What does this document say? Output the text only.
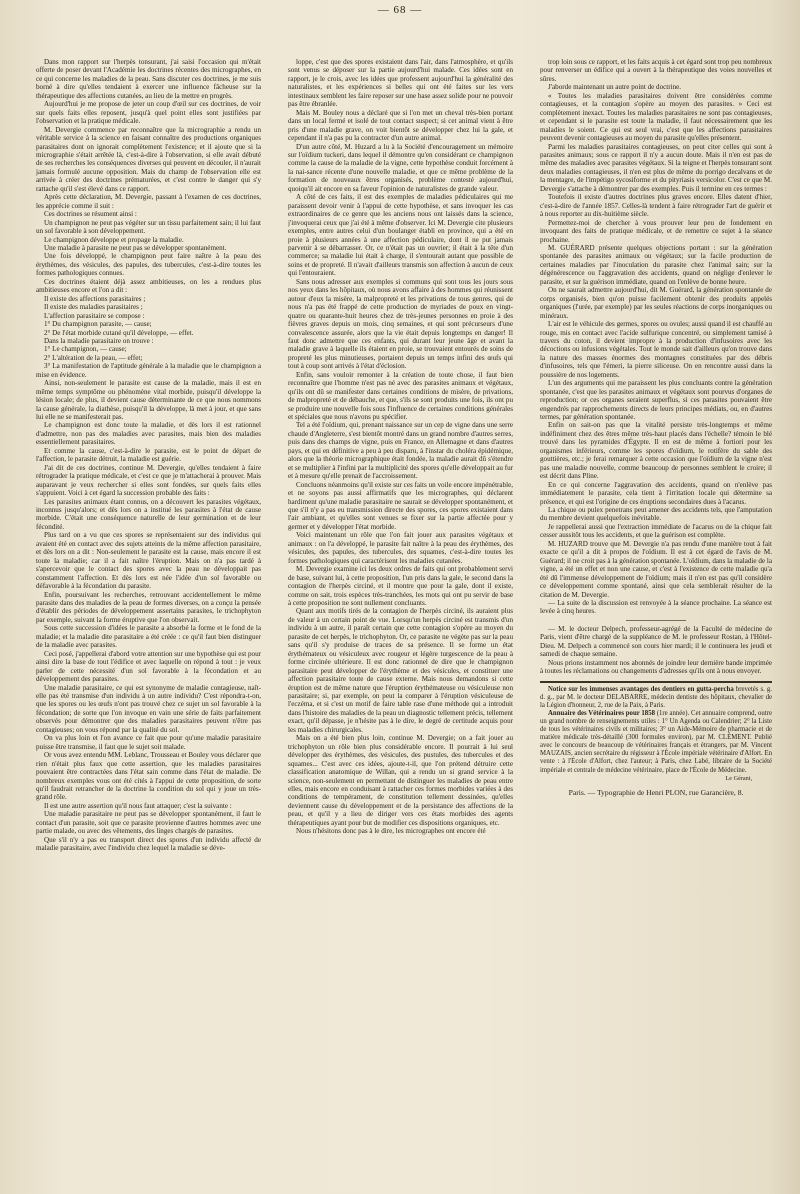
— 68 —

Dans mon rapport sur l'herpès tonsurant, j'ai saisi l'occasion qui m'était offerte de poser devant l'Académie les doctrines récentes des micrographes, en ce qui concerne les maladies de la peau. Sans discuter ces doctrines, je me suis borné à dire qu'elles tendaient à exercer une influence fâcheuse sur la thérapeutique des affections cutanées, au lieu de la mettre en progrès.

Aujourd'hui je me propose de jeter un coup d'œil sur ces doctrines, de voir sur quels faits elles reposent, jusqu'à quel point elles sont justifiées par l'observation et la pratique médicale.

M. Devergie commence par reconnaître que la micrographie a rendu un véritable service à la science en faisant connaître des productions organiques parasitaires dont on ignorait complètement l'existence; et il ajoute que si la micrographie s'était arrêtée là, c'est-à-dire à l'observation, si elle avait débuté de ses recherches les conséquences diverses qui peuvent en découler, il n'aurait jamais formulé aucune opposition. Mais du champ de l'observation elle est arrivée à créer des doctrines prématurées, et c'est contre le danger qui s'y rattache qu'il s'est élevé dans ce rapport.

Après cette déclaration, M. Devergie, passant à l'examen de ces doctrines, les apprécie comme il suit :

Ces doctrines se résument ainsi :

Un champignon ne peut pas végéter sur un tissu parfaitement sain; il lui faut un sol favorable à son développement.

Le champignon développe et propage la maladie.

Une maladie à parasite ne peut pas se développer spontanément.

Une fois développé, le champignon peut faire naître à la peau des érythèmes, des vésicules, des papules, des tubercules, c'est-à-dire toutes les formes pathologiques connues.

Ces doctrines étaient déjà assez ambitieuses, on les a rendues plus ambitieuses encore et l'on a dit :

Il existe des affections parasitaires ;

Il existe des maladies parasitaires ;

L'affection parasitaire se compose :

1° Du champignon parasite, — cause;

2° De l'état morbide cutané qu'il développe, — effet.

Dans la maladie parasitaire on trouve :

1° Le champignon, — cause;

2° L'altération de la peau, — effet;

3° La manifestation de l'aptitude générale à la maladie que le champignon a mise en évidence.

Ainsi, non-seulement le parasite est cause de la maladie, mais il est en même temps symptôme ou phénomène vital morbide, puisqu'il développe la lésion locale; de plus, il devient cause déterminante de ce que nous nommons la cause générale, la diathèse, puisqu'il la développe, là met à jour, et que sans lui elle ne se manifesterait pas.

Le champignon est donc toute la maladie, et dès lors il est rationnel d'admettre, non pas des maladies avec parasites, mais bien des maladies essentiellement parasitaires.

Et comme la cause, c'est-à-dire le parasite, est le point de départ de l'affection, le parasite détruit, la maladie est guérie.

J'ai dit de ces doctrines, continue M. Devergie, qu'elles tendaient à faire rétrograder la pratique médicale, et c'est ce que je m'attacherai à prouver. Mais auparavant je veux rechercher si elles sont fondées, sur quels faits elles s'appuient. Voici à cet égard la succession probable des faits :

Les parasites animaux étant connus, on a découvert les parasites végétaux, inconnus jusqu'alors; et dès lors on a institué les parasites à l'état de cause morbide. C'était une conséquence naturelle de leur germination et de leur fécondité.

Plus tard on a vu que ces spores se représentaient sur des individus qui avaient été en contact avec des sujets atteints de la même affection parasitaire, et dès lors on a dit : Non-seulement le parasite est la cause, mais encore il est toute la maladie; car il a fait naître l'éruption. Mais on n'a pas tardé à s'apercevoir que le contact des spores avec la peau ne développait pas constamment l'affection. Et dès lors est née l'idée d'un sol favorable ou défavorable à la fécondation du parasite.

Enfin, poursuivant les recherches, retrouvant accidentellement le même parasite dans des maladies de la peau de formes diverses, on a conçu la pensée d'établir des périodes de développement assertains parasites, le trichophyton par exemple, suivant la forme éruptive que l'on observait.

Sous cette succession d'idées le parasite a absorbé la forme et le fond de la maladie; et la maladie dite parasitaire a été créée : ce qu'il faut bien distinguer de la maladie avec parasites.

Ceci posé, j'appellerai d'abord votre attention sur une hypothèse qui est pour ainsi dire la base de tout l'édifice et avec laquelle on répond à tout : je veux parler de cette nécessité d'un sol favorable à la fécondation et au développement des parasites.

Une maladie parasitaire, ce qui est synonyme de maladie contagieuse, naît-elle pas été transmise d'un individu à un autre individu? C'est répondra-t-on, que les spores ou les œufs n'ont pas trouvé chez ce sujet un sol favorable à la fécondation; de sorte que l'on invoque en vain une série de faits parfaitement observés pour démontrer que des maladies parasitaires peuvent n'être pas contagieuses; on vous répond par la qualité du sol.

On va plus loin et l'on avance ce fait que pour qu'une maladie parasitaire puisse être transmise, il faut que le sujet soit malade.

Or vous avez entendu MM. Leblanc, Trousseau et Bouley vous déclarer que rien n'était plus faux que cette assertion, que les maladies parasitaires pouvaient être contractées dans l'état sain comme dans l'état de maladie. De nombreux exemples vous ont été cités à l'appui de cette proposition, de sorte qu'il faudrait retrancher de la doctrine la condition du sol qui y joue un très-grand rôle.

Il est une autre assertion qu'il nous faut attaquer; c'est la suivante :

Une maladie parasitaire ne peut pas se développer spontanément, il faut le contact d'un parasite, soit que ce parasite provienne d'autres hommes avec une partie malade, ou avec des vêtements, des linges chargés de parasites.

Que s'il n'y a pas eu transport direct des spores d'un individu affecté de maladie parasitaire, avec l'individu chez lequel la maladie se déve-

loppe, c'est que des spores existaient dans l'air, dans l'atmosphère, et qu'ils sont venus se déposer sur la partie aujourd'hui malade. Ces idées sont en rapport, je le crois, avec les idées que professent aujourd'hui la généralité des naturalistes, et les expériences si belles qui ont été faites sur les vers intestinaux semblent les faire reposer sur une base assez solide pour ne pouvoir pas être ébranlée.

Mais M. Bouley nous a déclaré que si l'on met un cheval très-bien portant dans un local fermé et isolé de tout contact suspect; si cet animal vient à être pris d'une maladie grave, on voit bientôt se développer chez lui la gale, et cependant il n'a pas pu la contracter d'un autre animal.

D'un autre côté, M. Huzard a lu à la Société d'encouragement un mémoire sur l'oïdium tuckeri, dans lequel il démontre qu'en considérant ce champignon comme la cause de la maladie de la vigne, cette hypothèse conduit forcément à la nai-sance récente d'une nouvelle maladie, et que ce même problème de la formation de nouveaux êtres organisés, problème contesté aujourd'hui, quoiqu'il ait encore en sa faveur l'opinion de naturalistes de grande valeur.

A côté de ces faits, il est des exemples de maladies pédiculaires qui me paraissent devoir venir à l'appui de cette hypothèse, et sans invoquer les cas extraordinaires de ce genre que les anciens nous ont laissés dans la science, j'invoquerai ceux que j'ai été à même d'observer. Ici M. Devergie cite plusieurs exemples, entre autres celui d'un boulanger établi en province, qui a été en proie à plusieurs années à une affection pédiculaire, dont il ne put jamais parvenir à se débarrasser. Or, ce n'était pas un ouvrier; il était à la tête d'un commerce; sa maladie lui était à charge, il s'entourait autant que possible de soins et de propreté. Il n'avait d'ailleurs transmis son affection à aucun de ceux qui l'entouraient.

Sans nous adresser aux exemples si communs qui sont tous les jours sous nos yeux dans les hôpitaux, où nous avons affaire à des hommes qui réunissent autour d'eux la misère, la malpropreté et les privations de tous genres, qui de nous n'a pas été frappé de cette production de myriades de poux en vingt-quatre ou quarante-huit heures chez de très-jeunes personnes en proie à des fièvres graves depuis un mois, cinq semaines, et qui sont précurseurs d'une convalescence assurée, alors que la vie était depuis longtemps en danger! Il faut donc admettre que ces enfants, qui durant leur jeune âge et avant la maladie grave à laquelle ils étaient en proie, se trouvaient entourés de soins de propreté les plus minutieuses, portaient depuis un temps infini des œufs qui tout à coup sont arrivés à l'état d'éclosion.

Enfin, sans vouloir remonter à la création de toute chose, il faut bien reconnaître que l'homme n'est pas né avec des parasites animaux et végétaux, qu'ils ont dû se manifester dans certaines conditions de misère, de privations, de malpropreté et de débauche, et que, s'ils se sont produits une fois, ils ont pu se produire une nouvelle fois sous l'influence de certaines conditions générales et spéciales que nous n'avons pu spécifier.

Tel a été l'oïdium, qui, prenant naissance sur un cep de vigne dans une serre chaude d'Angleterre, s'est bientôt montré dans un grand nombre d'autres serres, puis dans des champs de vigne, puis en France, en Allemagne et dans d'autres pays, et qui en définitive a peu à peu disparu, à l'instar du choléra épidémique, alors que la théorie micrographique était fondée, la maladie aurait dû s'étendre et se multiplier à l'infini par la multiplicité des spores qu'elle développait au fur et à mesure qu'elle prenait de l'accroissement.

Concluons néanmoins qu'il existe sur ces faits un voile encore impénétrable, et ne soyons pas aussi affirmatifs que les micrographes, qui déclarent hardiment qu'une maladie parasitaire ne saurait se développer spontanément, et que s'il n'y a pas eu transmission directe des spores, ces spores existaient dans l'air ambiant, et qu'elles sont venues se fixer sur la partie affectée pour y germer et y développer l'état morbide.

Voici maintenant un rôle que l'on fait jouer aux parasites végétaux et animaux : on l'a développé, le parasite fait naître à la peau des érythèmes, des vésicules, des papules, des tubercules, des squames, c'est-à-dire toutes les formes pathologiques qui caractérisent les maladies cutanées.

M. Devergie examine ici les deux ordres de faits qui ont probablement servi de base, suivant lui, à cette proposition, l'un pris dans la gale, le second dans la contagion de l'herpès circiné, et il montre que pour la gale, dont il existe, comme on sait, trois espèces très-tranchées, les mots qui ont pu servir de base à cette proposition ne sont nullement concluants.

Quant aux motifs tirés de la contagion de l'herpès circiné, ils auraient plus de valeur à un certain point de vue. Lorsqu'un herpès circiné est transmis d'un individu à un autre, il paraît certain que cette contagion s'opère au moyen du parasite de cet herpès, le trichophyton. Or, ce parasite ne végète pas sur la peau sans qu'il s'y produise de traces de sa présence. Il se forme un état érythémateux ou vésiculeux avec rougeur et légère turgescence de la peau à forme circinée ultérieure. Il est donc rationnel de dire que le champignon parasitaire peut développer de l'érythème et des vésicules, et constituer une affection parasitaire toute de cause externe. Mais nous demandons si cette éruption est de même nature que l'éruption érythémateuse ou vésiculeuse non parasitaire; si, par exemple, on peut la comparer à l'éruption vésiculeuse de l'eczéma, et si c'est un motif de faire table rase d'une méthode qui a introduit dans l'histoire des maladies de la peau un diagnostic tellement précis, tellement exact, qu'il dépasse, je n'hésite pas à le dire, le degré de certitude acquis pour les maladies chirurgicales.

Mais on a été bien plus loin, continue M. Devergie; on a fait jouer au trichophyton un rôle bien plus considérable encore. Il pourrait à lui seul développer des érythèmes, des vésicules, des pustules, des tubercules et des squames... C'est avec ces idées, ajoute-t-il, que l'on prétend détruire cette classification anatomique de Willan, qui a rendu un si grand service à la science, non-seulement en permettant de distinguer les maladies de peau entre elles, mais encore en conduisant à rattacher ces formes morbides variées à des conditions de tempérament, de constitution tellement dessinées, qu'elles deviennent cause du développement et de la persistance des affections de la peau, et qu'il y a lieu de diriger vers ces états morbides des agents thérapeutiques ayant pour but de modifier ces dispositions organiques, etc.

Nous n'hésitons donc pas à le dire, les micrographes ont encore été

trop loin sous ce rapport, et les faits acquis à cet égard sont trop peu nombreux pour renverser un édifice qui a ouvert à la thérapeutique des voies nouvelles et sûres.

J'aborde maintenant un autre point de doctrine.

« Toutes les maladies parasitaires doivent être considérées comme contagieuses, et la contagion s'opère au moyen des parasites. » Ceci est complètement inexact. Toutes les maladies parasitaires ne sont pas contagieuses, et cependant si le parasite est toute la maladie, il faut nécessairement que les maladies le soient. Ce qui est seul vrai, c'est que les affections parasitaires peuvent devenir contagieuses au moyen du parasite qu'elles présentent.

Parmi les maladies parasitaires contagieuses, on peut citer celles qui sont à parasites animaux; sous ce rapport il n'y a aucun doute. Mais il n'en est pas de même des maladies avec parasites végétaux. Si la teigne et l'herpès tonsurant sont deux maladies contagieuses, il n'en est plus de même du porrigo decalvans et de la mentagre, de l'impétigo sycosiforme et du pityriasis versicolor. C'est ce que M. Devergie s'attache à démontrer par des exemples. Puis il termine en ces termes :

Toutefois il existe d'autres doctrines plus graves encore. Elles datent d'hier, c'est-à-dire de l'année 1857. Celles-là tendent à faire rétrograder l'art de guérir et à nous reporter au dix-huitième siècle.

Permettez-moi de chercher à vous prouver leur peu de fondement en invoquant des faits de pratique médicale, et de remettre ce sujet à la séance prochaine.

M. GUÉRARD présente quelques objections portant : sur la génération spontanée des parasites animaux ou végétaux; sur la facile production de certaines maladies par l'inoculation du parasite chez l'animal sain; sur la dégénérescence ou l'aggravation des accidents, quand on néglige d'enlever le parasite, et sur la guérison immédiate, quand on l'enlève de bonne heure.

On ne saurait admettre aujourd'hui, dit M. Guérard, la génération spontanée de corps organisés, bien qu'on puisse facilement obtenir des produits appelés organiques (l'urée, par exemple) par les seules réactions de corps inorganiques ou minéraux.

L'air est le véhicule des germes, spores ou ovules; aussi quand il est chauffé au rouge, mis en contact avec l'acide sulfurique concentré, ou simplement tamisé à travers du coton, il devient impropre à la production d'infusoires avec les décoctions ou infusions végétales. Tout le monde sait d'ailleurs qu'on trouve dans la nature des masses énormes des montagnes constituées par des débris d'infusoires, tels que l'émeri, la pierre siliceuse. On en rencontre aussi dans la poussière de nos logements.

L'un des arguments qui me paraissent les plus concluants contre la génération spontanée, c'est que les parasites animaux et végétaux sont pourvus d'organes de reproduction; or ces organes seraient superflus, si ces parasites pouvaient être engendrés par rapprochements directs de leurs principes médiats, ou, en d'autres termes, par génération spontanée.

Enfin on sait-on pas que la vitalité persiste très-longtemps et même indéfiniment chez des êtres même très-haut placés dans l'échelle? témoin le blé trouvé dans les pyramides d'Égypte. Il en est de même à fortiori pour les organismes inférieurs, comme les spores d'oïdium, le rotifère du sable des gouttières, etc.; je ferai remarquer à cette occasion que l'oïdium de la vigne n'est pas une maladie nouvelle, comme beaucoup de personnes semblent le croire; il est décrit dans Pline.

En ce qui concerne l'aggravation des accidents, quand on n'enlève pas immédiatement le parasite, cela tient à l'irritation locale qui détermine sa présence, et qui est l'origine de ces éruptions secondaires dues à l'acarus.

La chique ou pulex penetrans peut amener des accidents tels, que l'amputation du membre devient quelquefois inévitable.

Je rappellerai aussi que l'extraction immédiate de l'acarus ou de la chique fait cesser aussitôt tous les accidents, et que la guérison est complète.

M. HUZARD trouve que M. Devergie n'a pas rendu d'une manière tout à fait exacte ce qu'il a dit à propos de l'oïdium. Il est à cet égard de l'avis de M. Guérard; il ne croit pas à la génération spontanée. L'oïdium, dans la maladie de la vigne, a été un effet et non une cause, et c'est à l'existence de cette maladie qu'a été dû l'immense développement de l'oïdium; mais il n'en est pas qu'il considère ce développement comme spontané, ainsi que cela semblerait résulter de la citation de M. Devergie.

— La suite de la discussion est renvoyée à la séance prochaine. La séance est levée à cinq heures.

— M. le docteur Delpech, professeur-agrégé de la Faculté de médecine de Paris, vient d'être chargé de la suppléance de M. le professeur Rostan, à l'Hôtel-Dieu. M. Delpech a commencé son cours hier mardi; il le continuera les jeudi et samedi de chaque semaine.

Nous prions instamment nos abonnés de joindre leur dernière bande imprimée à toutes les réclamations ou changements d'adresses qu'ils ont à nous envoyer.

Notice sur les immenses avantages des dentiers en gutta-percha brevetés s. g. d. g., par M. le docteur DELABARRE, médecin dentiste des hôpitaux, chevalier de la Légion d'honneur, 2, rue de la Paix, à Paris.

Annuaire des Vétérinaires pour 1858 (1re année). Cet annuaire comprend, outre un grand nombre de renseignements utiles : 1° Un Agenda ou Calendrier; 2° la Liste de tous les vétérinaires civils et militaires; 3° un Aide-Mémoire de pharmacie et de matière médicale très-détaillé (300 formules environ), par M. CLÉMENT. Publié avec le concours de beaucoup de vétérinaires français et étrangers, par M. Vincent MAUZAIS, ancien secrétaire du régisseur à l'École impériale vétérinaire d'Alfort. En vente : à l'École d'Alfort, chez l'auteur; à Paris, chez Labé, libraire de la Société impériale et centrale de médecine vétérinaire, place de l'École de Médecine.

Le Gérant,
Paris. — Typographie de Henri PLON, rue Garancière, 8.
